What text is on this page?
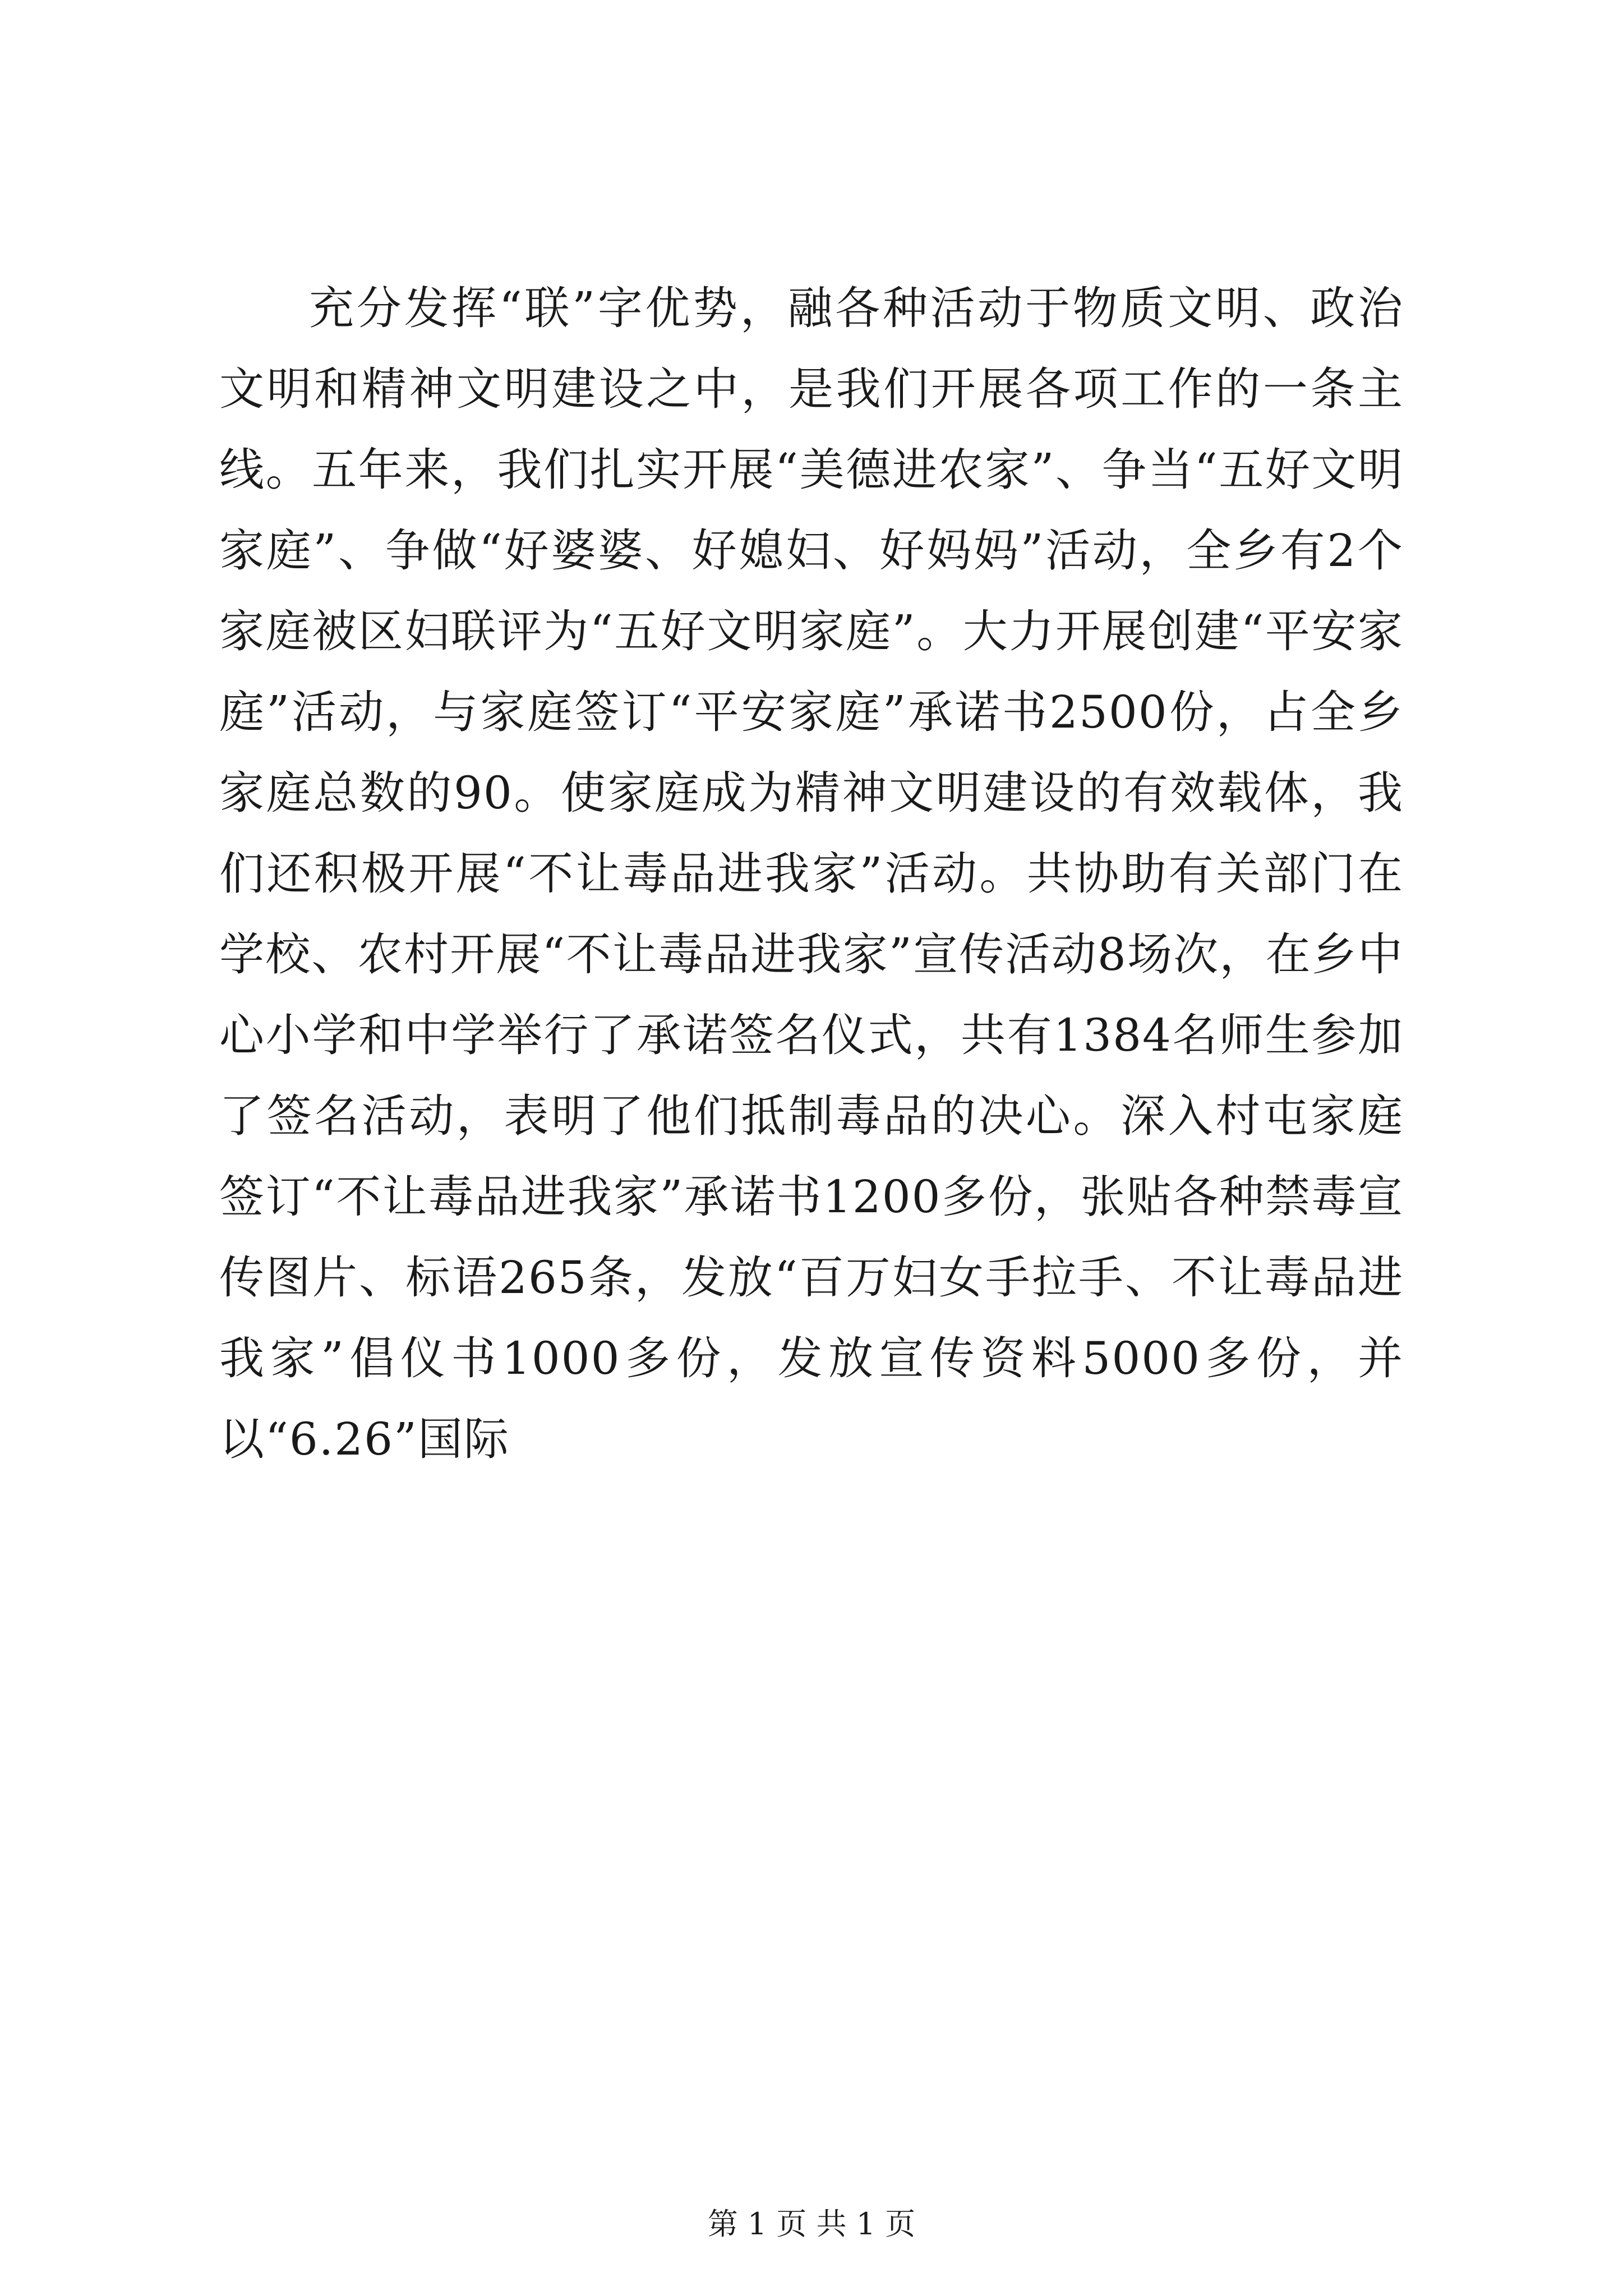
充分发挥“联”字优势，融各种活动于物质文明、政治文明和精神文明建设之中，是我们开展各项工作的一条主线。五年来，我们扎实开展“美德进农家”、争当“五好文明家庭”、争做“好婆婆、好媳妇、好妈妈”活动，全乡有2个家庭被区妇联评为“五好文明家庭”。大力开展创建“平安家庭”活动，与家庭签订“平安家庭”承诺书2500份，占全乡家庭总数的90。使家庭成为精神文明建设的有效载体，我们还积极开展“不让毒品进我家”活动。共协助有关部门在学校、农村开展“不让毒品进我家”宣传活动8场次，在乡中心小学和中学举行了承诺签名仪式，共有1384名师生参加了签名活动，表明了他们抵制毒品的决心。深入村屯家庭签订“不让毒品进我家”承诺书1200多份，张贴各种禁毒宣传图片、标语265条，发放“百万妇女手拉手、不让毒品进我家”倡仪书1000多份，发放宣传资料5000多份，并以“6.26”国际

第 1 页 共 1 页
